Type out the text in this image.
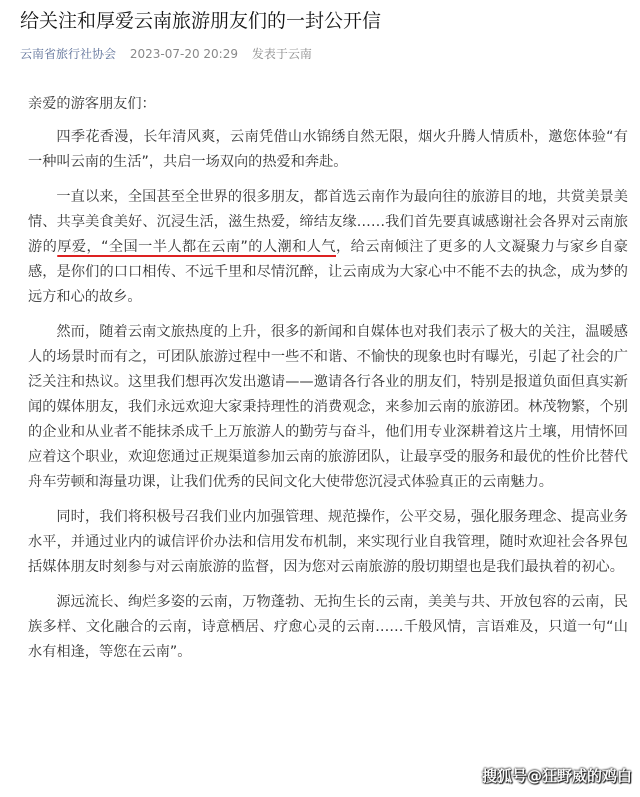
给关注和厚爱云南旅游朋友们的一封公开信
云南省旅行社协会 2023-07-20 20:29 发表于云南

亲爱的游客朋友们：

四季花香漫，长年清风爽，云南凭借山水锦绣自然无限，烟火升腾人情质朴，邀您体验“有一种叫云南的生活”，共启一场双向的热爱和奔赴。

一直以来，全国甚至全世界的很多朋友，都首选云南作为最向往的旅游目的地，共赏美景美情、共享美食美好、沉浸生活，滋生热爱，缔结友缘……我们首先要真诚感谢社会各界对云南旅游的厚爱，“全国一半人都在云南”的人潮和人气，给云南倾注了更多的人文凝聚力与家乡自豪感，是你们的口口相传、不远千里和尽情沉醉，让云南成为大家心中不能不去的执念，成为梦的远方和心的故乡。

然而，随着云南文旅热度的上升，很多的新闻和自媒体也对我们表示了极大的关注，温暖感人的场景时而有之，可团队旅游过程中一些不和谐、不愉快的现象也时有曝光，引起了社会的广泛关注和热议。这里我们想再次发出邀请——邀请各行各业的朋友们，特别是报道负面但真实新闻的媒体朋友，我们永远欢迎大家秉持理性的消费观念，来参加云南的旅游团。林茂物繁，个别的企业和从业者不能抹杀成千上万旅游人的勤劳与奋斗，他们用专业深耕着这片土壤，用情怀回应着这个职业，欢迎您通过正规渠道参加云南的旅游团队，让最享受的服务和最优的性价比替代舟车劳顿和海量功课，让我们优秀的民间文化大使带您沉浸式体验真正的云南魅力。

同时，我们将积极号召我们业内加强管理、规范操作，公平交易，强化服务理念、提高业务水平，并通过业内的诚信评价办法和信用发布机制，来实现行业自我管理，随时欢迎社会各界包括媒体朋友时刻参与对云南旅游的监督，因为您对云南旅游的殷切期望也是我们最执着的初心。

源远流长、绚烂多姿的云南，万物蓬勃、无拘生长的云南，美美与共、开放包容的云南，民族多样、文化融合的云南，诗意栖居、疗愈心灵的云南……千般风情，言语难及，只道一句“山水有相逢，等您在云南”。

搜狐号@狂野威的鸡白
